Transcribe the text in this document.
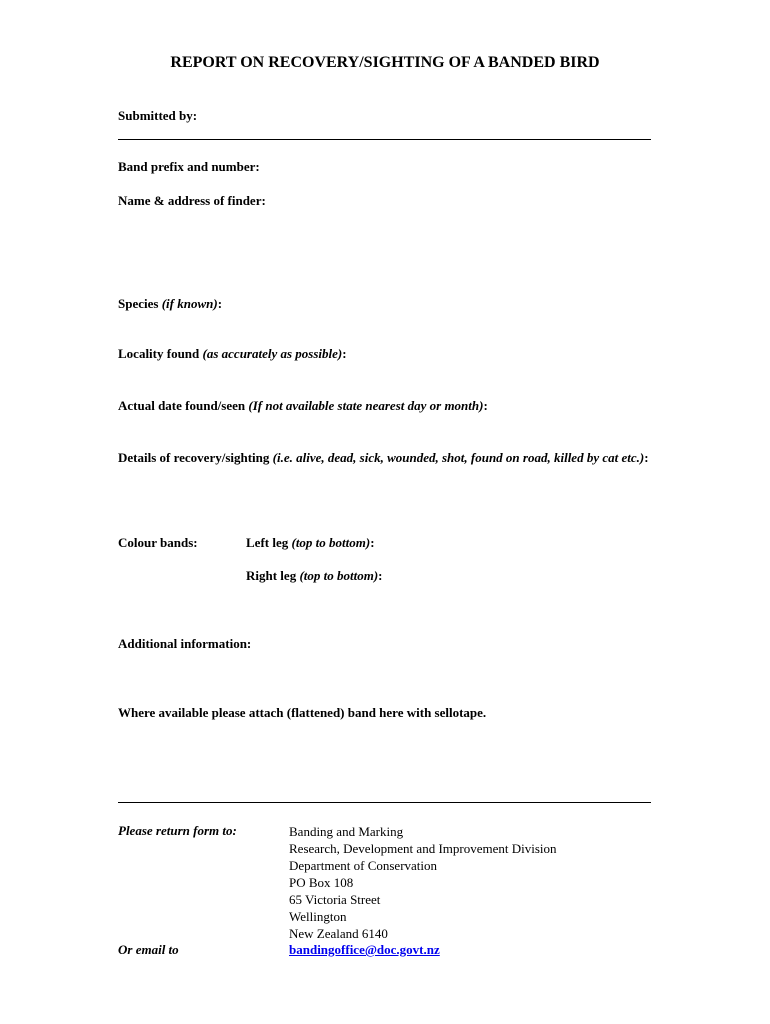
REPORT ON RECOVERY/SIGHTING OF A BANDED BIRD
Submitted by:
Band prefix and number:
Name & address of finder:
Species (if known):
Locality found (as accurately as possible):
Actual date found/seen (If not available state nearest day or month):
Details of recovery/sighting (i.e. alive, dead, sick, wounded, shot, found on road, killed by cat etc.):
Colour bands:	Left leg (top to bottom):
Right leg (top to bottom):
Additional information:
Where available please attach (flattened) band here with sellotape.
Please return form to:	Banding and Marking
Research, Development and Improvement Division
Department of Conservation
PO Box 108
65 Victoria Street
Wellington
New Zealand 6140
Or email to	bandingoffice@doc.govt.nz
